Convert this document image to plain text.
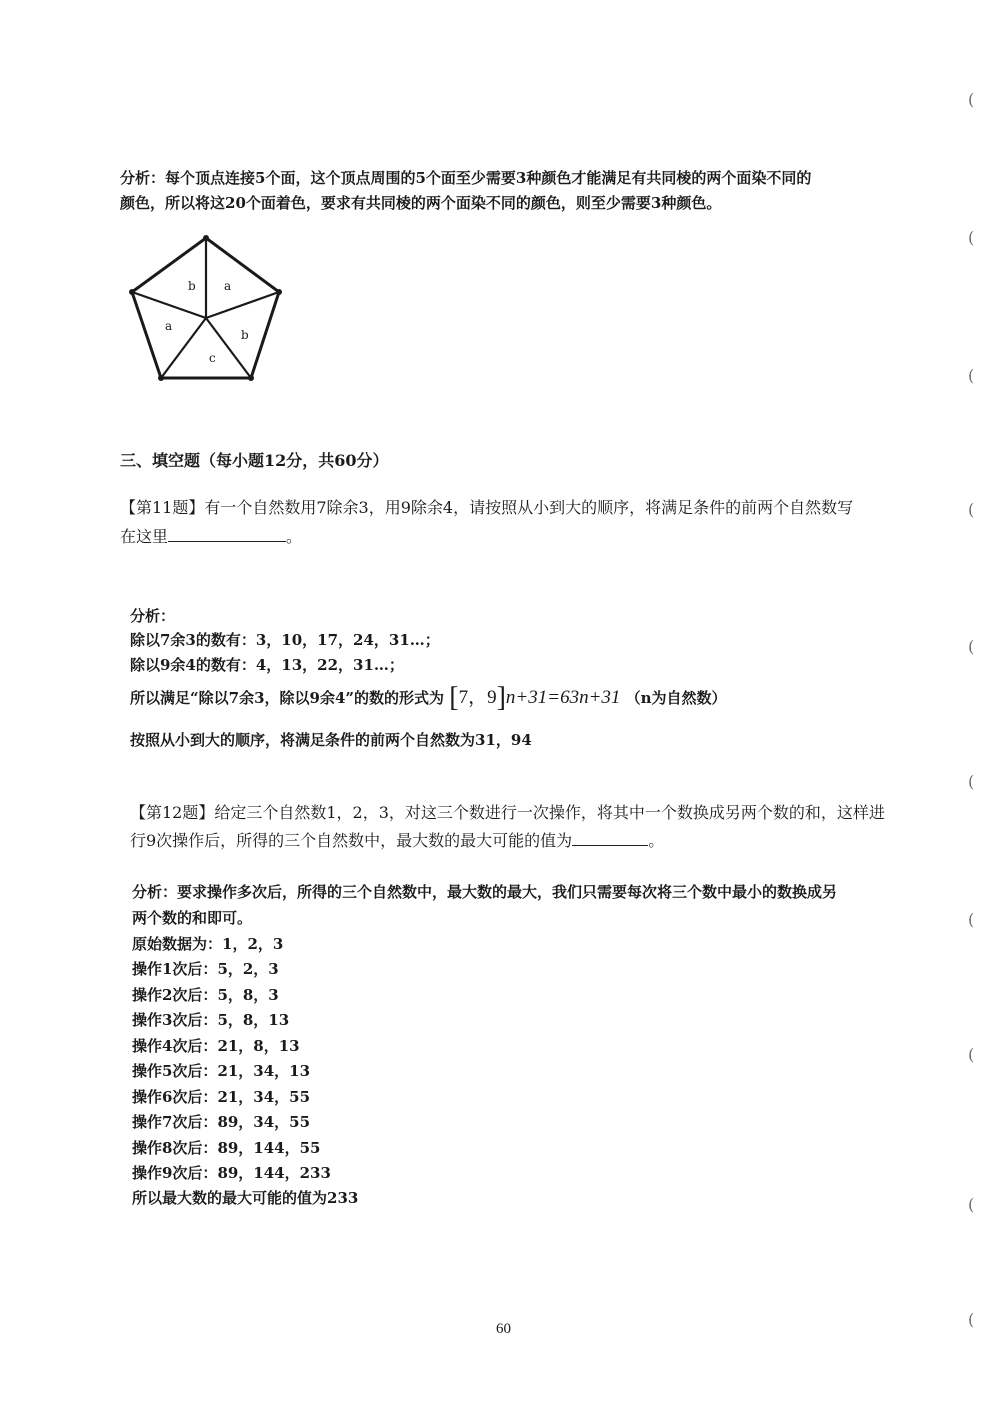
分析：每个顶点连接5个面，这个顶点周围的5个面至少需要3种颜色才能满足有共同棱的两个面染不同的
颜色，所以将这20个面着色，要求有共同棱的两个面染不同的颜色，则至少需要3种颜色。
b a
a
b
c
三、填空题（每小题12分，共60分）
【第11题】有一个自然数用7除余3，用9除余4，请按照从小到大的顺序，将满足条件的前两个自然数写
在这里	。
分析：
除以7余3的数有：3，10，17，24，31…；
除以9余4的数有：4，13，22，31…；
所以满足“除以7余3，除以9余4”的数的形式为 [7，9]n+31=63n+31 （n为自然数）
按照从小到大的顺序，将满足条件的前两个自然数为31，94
【第12题】给定三个自然数1，2，3，对这三个数进行一次操作，将其中一个数换成另两个数的和，这样进
行9次操作后，所得的三个自然数中，最大数的最大可能的值为	。
分析：要求操作多次后，所得的三个自然数中，最大数的最大，我们只需要每次将三个数中最小的数换成另
两个数的和即可。
原始数据为：1，2，3
操作1次后：5，2，3
操作2次后：5，8，3
操作3次后：5，8，13
操作4次后：21，8，13
操作5次后：21，34，13
操作6次后：21，34，55
操作7次后：89，34，55
操作8次后：89，144，55
操作9次后：89，144，233
所以最大数的最大可能的值为233
60
(
(
(
(
(
(
(
(
(
(
